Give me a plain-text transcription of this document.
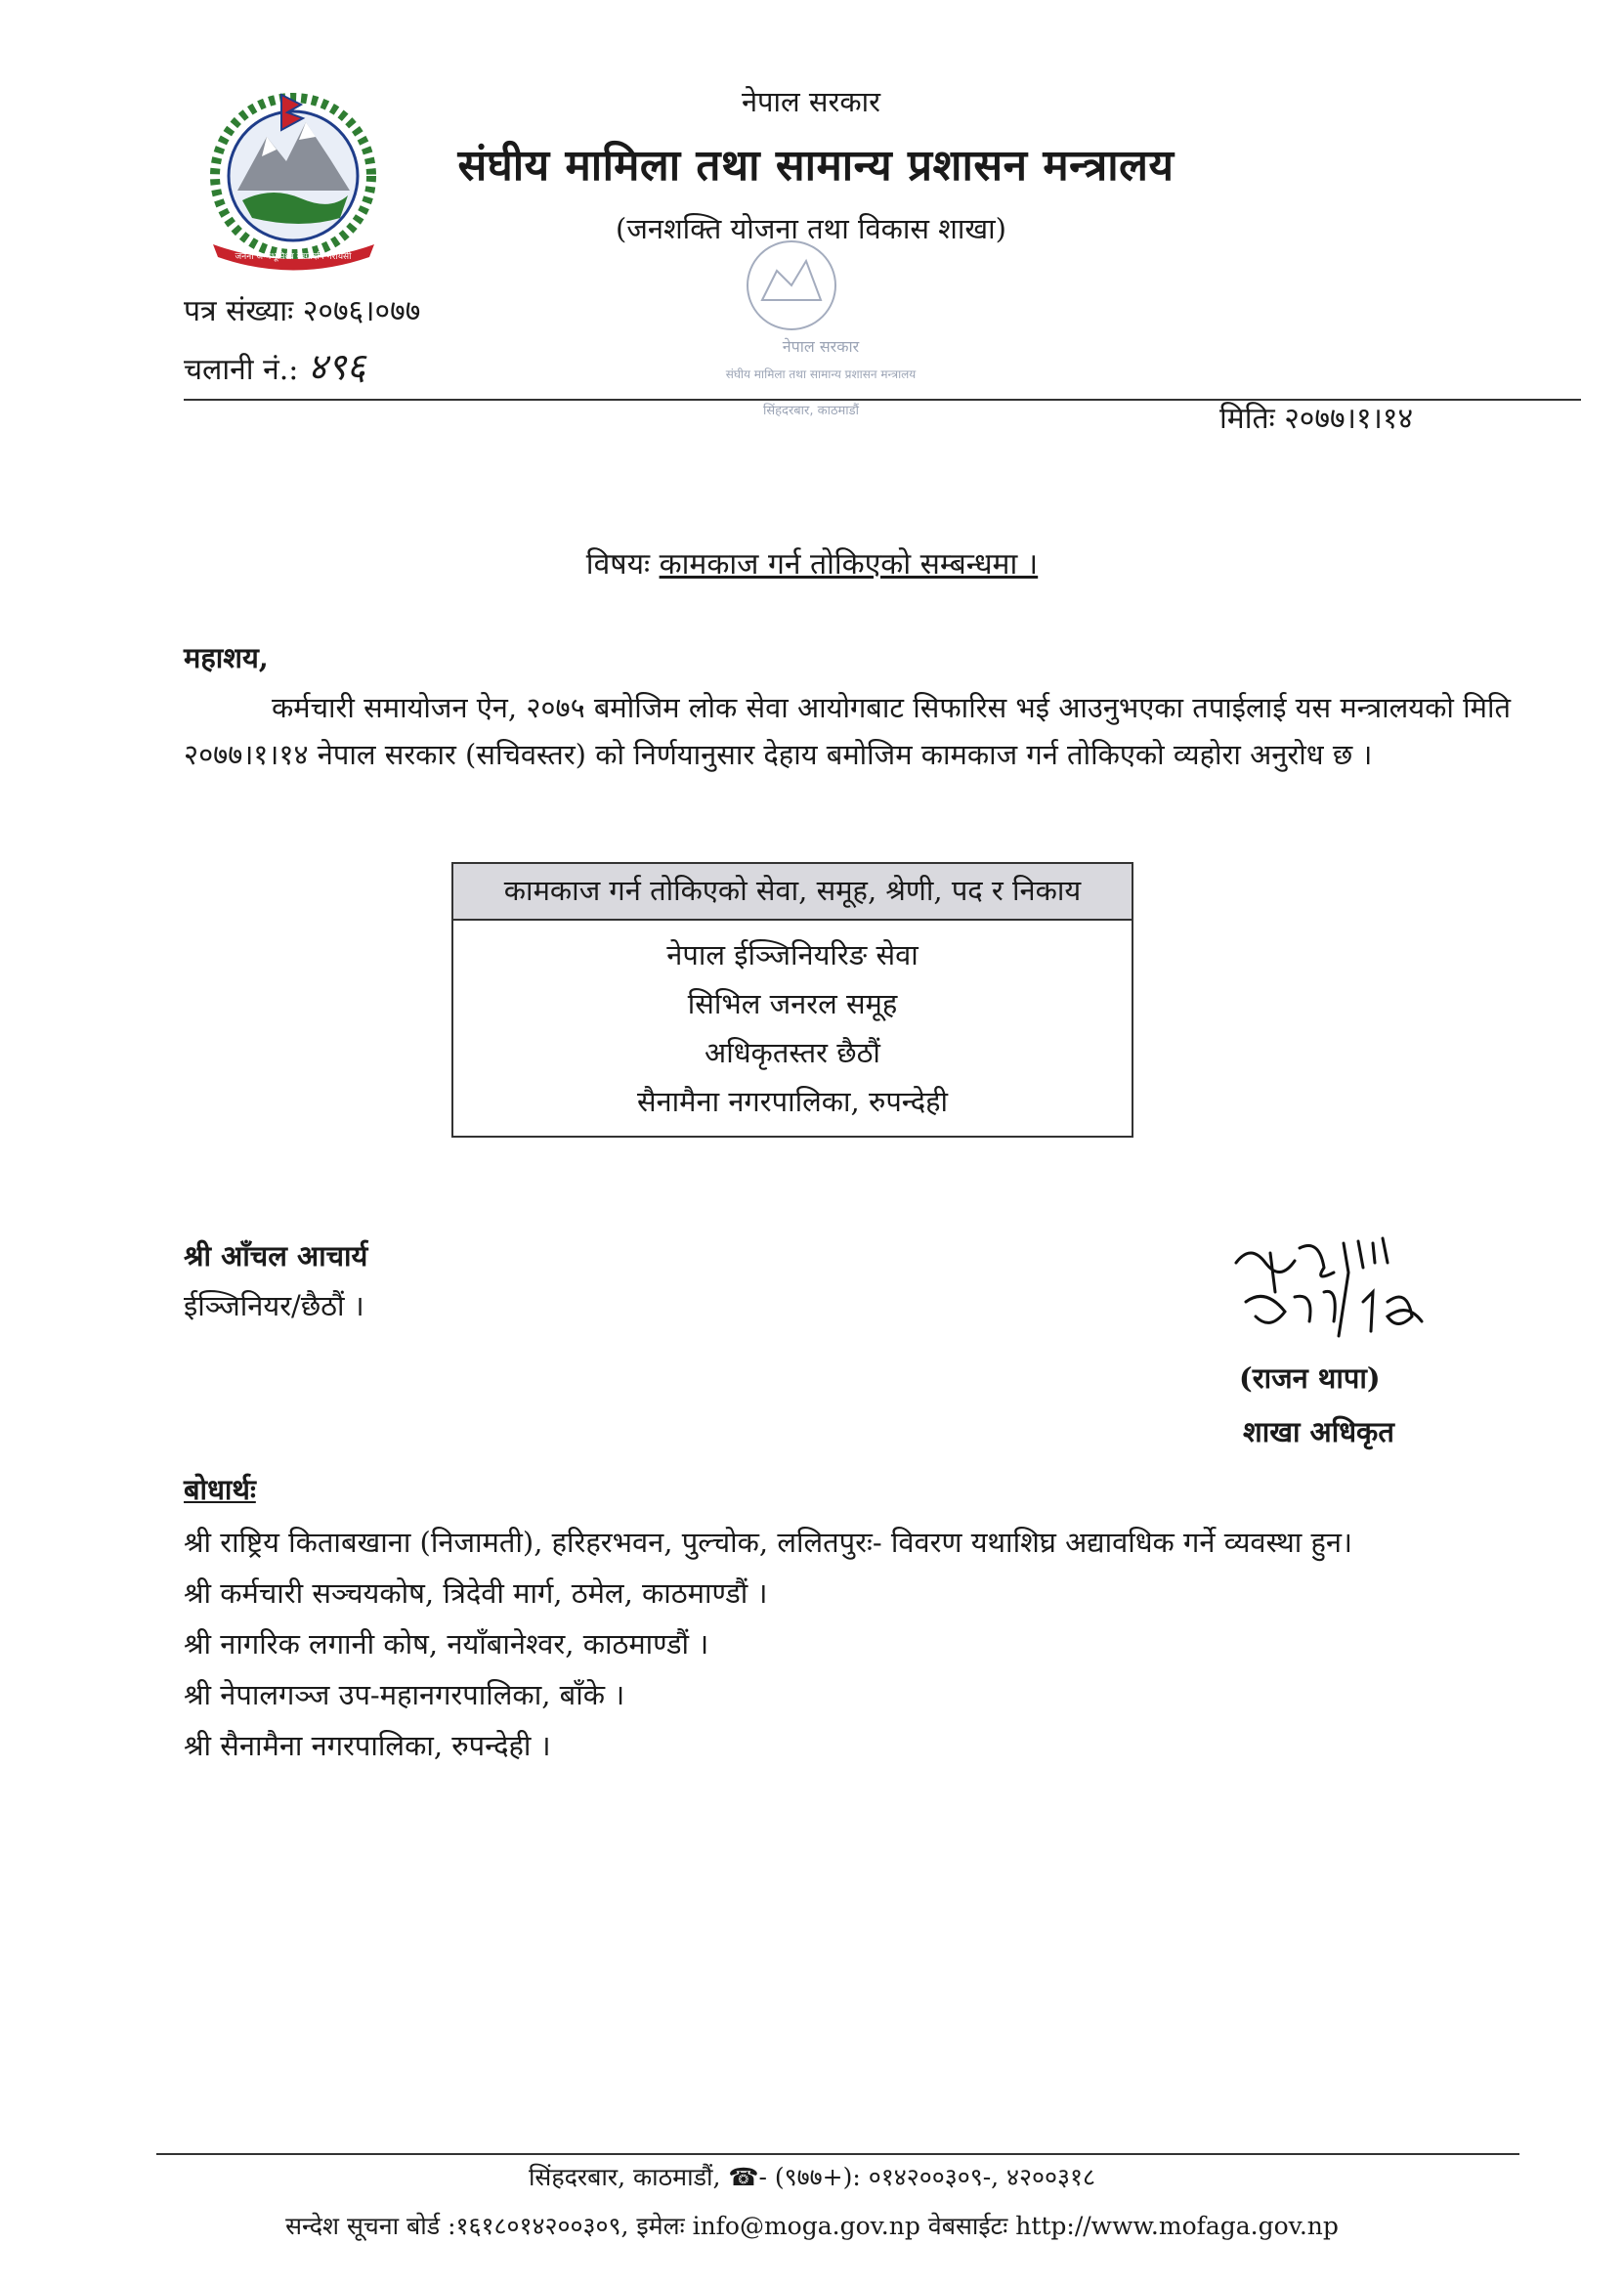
जननी जन्मभूमिश्च स्वर्गादपि गरीयसी
नेपाल सरकार
संघीय मामिला तथा सामान्य प्रशासन मन्त्रालय
(जनशक्ति योजना तथा विकास शाखा)
नेपाल सरकार
संघीय मामिला तथा सामान्य प्रशासन मन्त्रालय
सिंहदरबार, काठमाडौं
पत्र संख्याः २०७६।०७७
चलानी नं.: ४९६
मितिः २०७७।१।१४
विषयः कामकाज गर्न तोकिएको सम्बन्धमा ।
महाशय,
कर्मचारी समायोजन ऐन, २०७५ बमोजिम लोक सेवा आयोगबाट सिफारिस भई आउनुभएका तपाईलाई यस मन्त्रालयको मिति २०७७।१।१४ नेपाल सरकार (सचिवस्तर) को निर्णयानुसार देहाय बमोजिम कामकाज गर्न तोकिएको व्यहोरा अनुरोध छ ।
कामकाज गर्न तोकिएको सेवा, समूह, श्रेणी, पद र निकाय
नेपाल ईञ्जिनियरिङ सेवा
सिभिल जनरल समूह
अधिकृतस्तर छैठौं
सैनामैना नगरपालिका, रुपन्देही
श्री आँचल आचार्य
ईञ्जिनियर/छैठौं ।
(राजन थापा)
शाखा अधिकृत
बोधार्थः
श्री राष्ट्रिय किताबखाना (निजामती), हरिहरभवन, पुल्चोक, ललितपुरः- विवरण यथाशिघ्र अद्यावधिक गर्ने व्यवस्था हुन।
श्री कर्मचारी सञ्चयकोष, त्रिदेवी मार्ग, ठमेल, काठमाण्डौं ।
श्री नागरिक लगानी कोष, नयाँबानेश्वर, काठमाण्डौं ।
श्री नेपालगञ्ज उप-महानगरपालिका, बाँके ।
श्री सैनामैना नगरपालिका, रुपन्देही ।
सिंहदरबार, काठमाडौं, ☎- (९७७+): ०१४२००३०९-, ४२००३१८
सन्देश सूचना बोर्ड :१६१८०१४२००३०९, इमेलः info@moga.gov.np वेबसाईटः http://www.mofaga.gov.np
